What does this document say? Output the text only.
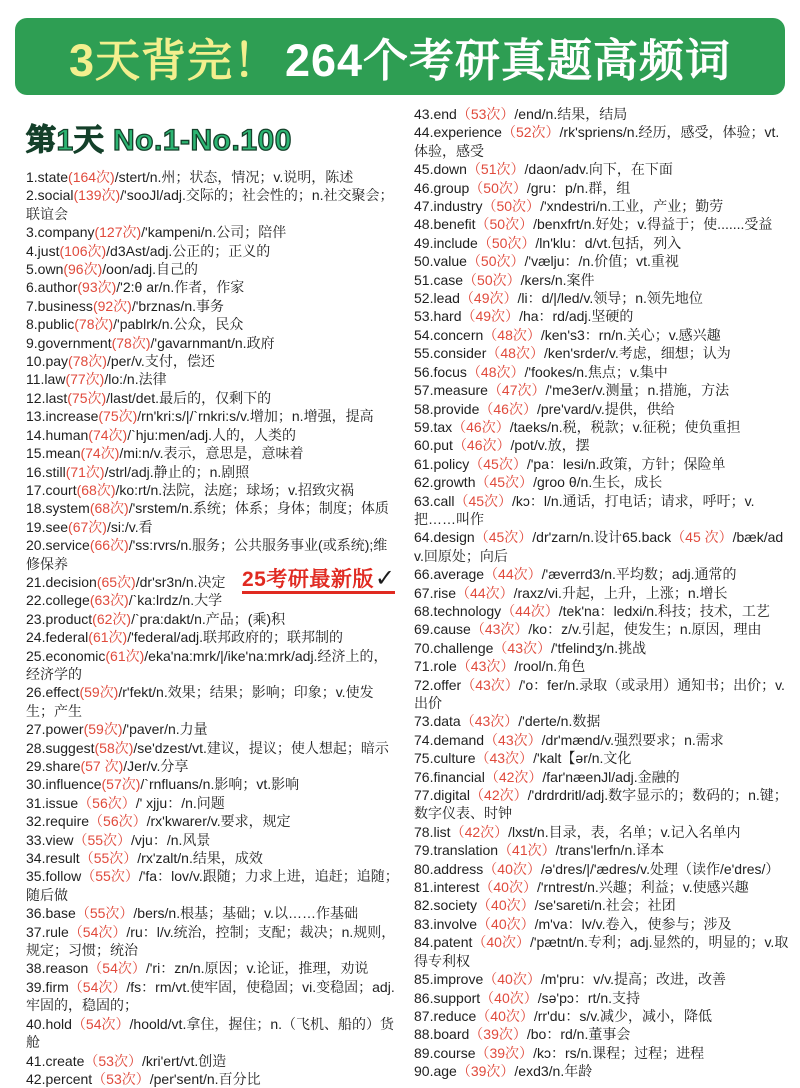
3天背完！ 264个考研真题高频词
第1天 No.1-No.100
1.state(164次)/stert/n.州；状态，情况；v.说明，陈述
2.social(139次)/'sooJl/adj.交际的；社会性的；n.社交聚会；联谊会
3.company(127次)/'kampeni/n.公司；陪伴
4.just(106次)/d3Ast/adj.公正的；正义的
5.own(96次)/oon/adj.自己的
6.author(93次)/'2:θ ar/n.作者，作家
7.business(92次)/'brznas/n.事务
8.public(78次)/'pablrk/n.公众，民众
9.government(78次)/'gavarnmant/n.政府
10.pay(78次)/per/v.支付，偿还
11.law(77次)/lo:/n.法律
12.last(75次)/last/det.最后的，仅剩下的
13.increase(75次)/rn'kri:s/|/`rnkri:s/v.增加；n.增强，提高
14.human(74次)/`hju:men/adj.人的，人类的
15.mean(74次)/mi:n/v.表示，意思是，意味着
16.still(71次)/strl/adj.静止的；n.剧照
17.court(68次)/ko:rt/n.法院，法庭；球场；v.招致灾祸
18.system(68次)/'srstem/n.系统；体系；身体；制度；体质
19.see(67次)/si:/v.看
20.service(66次)/'ss:rvrs/n.服务；公共服务事业(或系统);维修保养
21.decision(65次)/dr'sr3n/n.决定 25考研最新版✓
22.college(63次)/`ka:lrdz/n.大学
23.product(62次)/`pra:dakt/n.产品；(乘)积
24.federal(61次)/'federal/adj.联邦政府的；联邦制的
25.economic(61次)/eka'na:mrk/|/ike'na:mrk/adj.经济上的，经济学的
26.effect(59次)/r'fekt/n.效果；结果；影响；印象；v.使发生；产生
27.power(59次)/'paver/n.力量
28.suggest(58次)/se'dzest/vt.建议，提议；使人想起；暗示
29.share(57 次)/Jer/v.分享
30.influence(57次)/`rnfluans/n.影响；vt.影响
31.issue（56次）/' xjju：/n.问题
32.require（56次）/rx'kwarer/v.要求，规定
33.view（55次）/vju：/n.风景
34.result（55次）/rx'zalt/n.结果，成效
35.follow（55次）/'fa：lov/v.跟随；力求上进，追赶；追随；随后做
36.base（55次）/bers/n.根基；基础；v.以……作基础
37.rule（54次）/ru：l/v.统治，控制；支配；裁决；n.规则，规定；习惯；统治
38.reason（54次）/'ri：zn/n.原因；v.论证，推理，劝说
39.firm（54次）/fs：rm/vt.使牢固，使稳固；vi.变稳固；adj.牢固的，稳固的；
40.hold（54次）/hoold/vt.拿住，握住；n.（飞机、船的）货舱
41.create（53次）/kri'ert/vt.创造
42.percent（53次）/per'sent/n.百分比
43.end（53次）/end/n.结果，结局
44.experience（52次）/rk'spriens/n.经历，感受，体验；vt.体验，感受
45.down（51次）/daon/adv.向下，在下面
46.group（50次）/gru：p/n.群，组
47.industry（50次）/'xndestri/n.工业，产业；勤劳
48.benefit（50次）/benxfrt/n.好处；v.得益于；使.......受益
49.include（50次）/ln'klu：d/vt.包括，列入
50.value（50次）/'vælju：/n.价值；vt.重视
51.case（50次）/kers/n.案件
52.lead（49次）/li：d/|/led/v.领导；n.领先地位
53.hard（49次）/ha：rd/adj.坚硬的
54.concern（48次）/ken's3：rn/n.关心；v.感兴趣
55.consider（48次）/ken'srder/v.考虑，细想；认为
56.focus（48次）/'fookes/n.焦点；v.集中
57.measure（47次）/'me3er/v.测量；n.措施，方法
58.provide（46次）/pre'vard/v.提供，供给
59.tax（46次）/taeks/n.税，税款；v.征税；使负重担
60.put（46次）/pot/v.放，摆
61.policy（45次）/'pa：lesi/n.政策，方针；保险单
62.growth（45次）/groo θ/n.生长，成长
63.call（45次）/kɔ：l/n.通话，打电话；请求，呼吁；v.把……叫作
64.design（45次）/dr'zarn/n.设计65.back（45 次）/bæk/adv.回原处；向后
66.average（44次）/'æverrd3/n.平均数；adj.通常的
67.rise（44次）/raxz/vi.升起，上升，上涨；n.增长
68.technology（44次）/tek'na：ledxi/n.科技；技术，工艺
69.cause（43次）/ko：z/v.引起，使发生；n.原因，理由
70.challenge（43次）/'tfelindʒ/n.挑战
71.role（43次）/rool/n.角色
72.offer（43次）/'o：fer/n.录取（或录用）通知书；出价；v.出价
73.data（43次）/'derte/n.数据
74.demand（43次）/dr'mænd/v.强烈要求；n.需求
75.culture（43次）/'kalt【ər/n.文化
76.financial（42次）/far'næenJl/adj.金融的
77.digital（42次）/'drdrdritl/adj.数字显示的；数码的；n.键；数字仪表、时钟
78.list（42次）/lxst/n.目录，表，名单；v.记入名单内
79.translation（41次）/trans'lerfn/n.译本
80.address（40次）/ə'dres/|/'ædres/v.处理（读作/e'dres/）
81.interest（40次）/'rntrest/n.兴趣；利益；v.使感兴趣
82.society（40次）/se'sareti/n.社会；社团
83.involve（40次）/m'va：lv/v.卷入，使参与；涉及
84.patent（40次）/'pætnt/n.专利；adj.显然的，明显的；v.取得专利权
85.improve（40次）/m'pru：v/v.提高；改进，改善
86.support（40次）/sə'pɔ：rt/n.支持
87.reduce（40次）/rr'du：s/v.减少，减小，降低
88.board（39次）/bo：rd/n.董事会
89.course（39次）/kɔ：rs/n.课程；过程；进程
90.age（39次）/exd3/n.年龄
